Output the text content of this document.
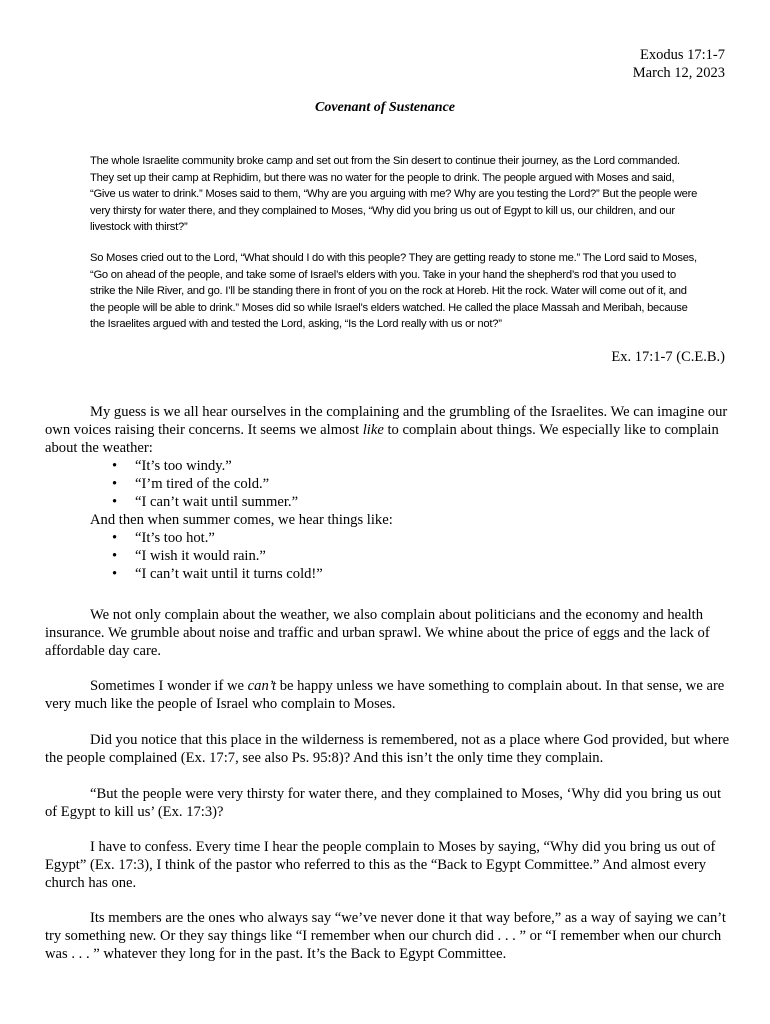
Exodus 17:1-7
March 12, 2023
Covenant of Sustenance

The whole Israelite community broke camp and set out from the Sin desert to continue their journey, as the Lord commanded. They set up their camp at Rephidim, but there was no water for the people to drink. The people argued with Moses and said, “Give us water to drink.” Moses said to them, “Why are you arguing with me? Why are you testing the Lord?” But the people were very thirsty for water there, and they complained to Moses, “Why did you bring us out of Egypt to kill us, our children, and our livestock with thirst?”

So Moses cried out to the Lord, “What should I do with this people? They are getting ready to stone me.” The Lord said to Moses, “Go on ahead of the people, and take some of Israel’s elders with you. Take in your hand the shepherd’s rod that you used to strike the Nile River, and go. I’ll be standing there in front of you on the rock at Horeb. Hit the rock. Water will come out of it, and the people will be able to drink.” Moses did so while Israel’s elders watched. He called the place Massah and Meribah, because the Israelites argued with and tested the Lord, asking, “Is the Lord really with us or not?”

Ex. 17:1-7 (C.E.B.)

My guess is we all hear ourselves in the complaining and the grumbling of the Israelites. We can imagine our own voices raising their concerns. It seems we almost like to complain about things. We especially like to complain about the weather:

• “It’s too windy.”
• “I’m tired of the cold.”
• “I can’t wait until summer.”
And then when summer comes, we hear things like:
• “It’s too hot.”
• “I wish it would rain.”
• “I can’t wait until it turns cold!”

We not only complain about the weather, we also complain about politicians and the economy and health insurance. We grumble about noise and traffic and urban sprawl. We whine about the price of eggs and the lack of affordable day care.

Sometimes I wonder if we can’t be happy unless we have something to complain about. In that sense, we are very much like the people of Israel who complain to Moses.

Did you notice that this place in the wilderness is remembered, not as a place where God provided, but where the people complained (Ex. 17:7, see also Ps. 95:8)? And this isn’t the only time they complain.

“But the people were very thirsty for water there, and they complained to Moses, ‘Why did you bring us out of Egypt to kill us’ (Ex. 17:3)?

I have to confess. Every time I hear the people complain to Moses by saying, “Why did you bring us out of Egypt” (Ex. 17:3), I think of the pastor who referred to this as the “Back to Egypt Committee.” And almost every church has one.

Its members are the ones who always say “we’ve never done it that way before,” as a way of saying we can’t try something new. Or they say things like “I remember when our church did . . . ” or “I remember when our church was . . . ” whatever they long for in the past. It’s the Back to Egypt Committee.
